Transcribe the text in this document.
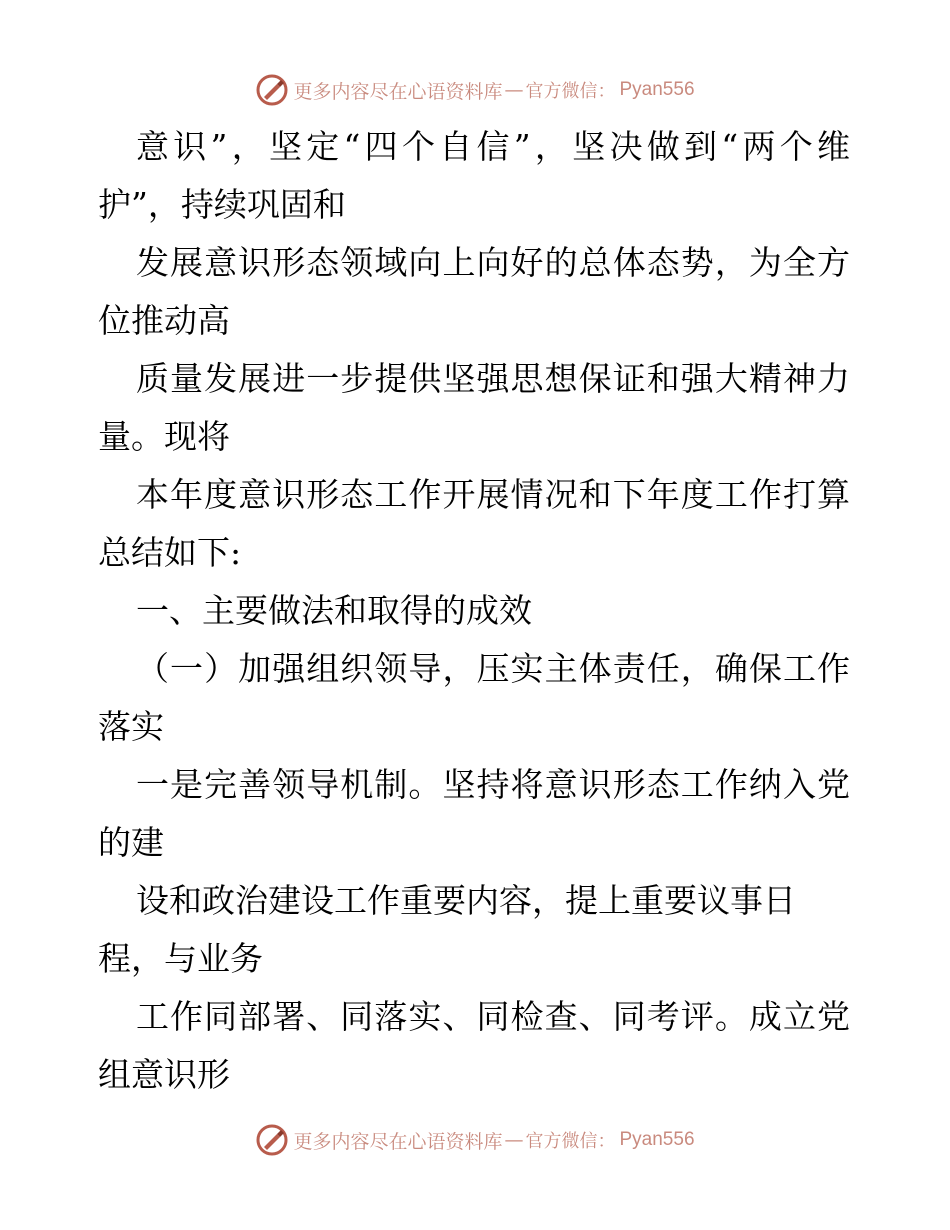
更多内容尽在心语资料库 — 官方微信： Pyan556
意识”，坚定“四个自信”，坚决做到“两个维
护”，持续巩固和
发展意识形态领域向上向好的总体态势，为全方
位推动高
质量发展进一步提供坚强思想保证和强大精神力
量。现将
本年度意识形态工作开展情况和下年度工作打算
总结如下:
一、主要做法和取得的成效
（一）加强组织领导，压实主体责任，确保工作
落实
一是完善领导机制。坚持将意识形态工作纳入党
的建
设和政治建设工作重要内容，提上重要议事日
程，与业务
工作同部署、同落实、同检查、同考评。成立党
组意识形
更多内容尽在心语资料库 — 官方微信： Pyan556
